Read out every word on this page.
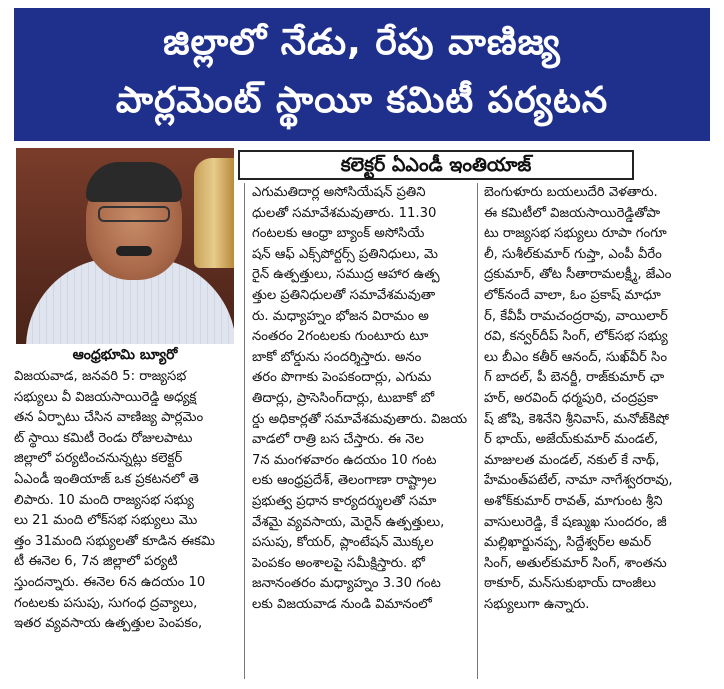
జిల్లాలో నేడు, రేపు వాణిజ్య
పార్లమెంట్ స్థాయీ కమిటీ పర్యటన
ఆంధ్రభూమి బ్యూరో
కలెక్టర్ ఏఎండీ ఇంతియాజ్
విజయవాడ, జనవరి 5: రాజ్యసభ
సభ్యులు వీ విజయసాయిరెడ్డి అధ్యక్ష
తన ఏర్పాటు చేసిన వాణిజ్య పార్లమెం
ట్ స్థాయి కమిటీ రెండు రోజులపాటు
జిల్లాలో పర్యటించనున్నట్లు కలెక్టర్
ఏఎండీ ఇంతియాజ్ ఒక ప్రకటనలో తె
లిపారు. 10 మంది రాజ్యసభ సభ్యు
లు 21 మంది లోక్‌సభ సభ్యులు మొ
త్తం 31మంది సభ్యులతో కూడిన ఈకమి
టీ ఈనెల 6, 7న జిల్లాలో పర్యటి
స్తుందన్నారు. ఈనెల 6న ఉదయం 10
గంటలకు పసుపు, సుగంధ ద్రవ్యాలు,
ఇతర వ్యవసాయ ఉత్పత్తుల పెంపకం,
ఎగుమతిదార్ల అసోసియేషన్ ప్రతిని
ధులతో సమావేశమవుతారు. 11.30
గంటలకు ఆంధ్రా బ్యాంక్ అసోసియే
షన్ ఆఫ్ ఎక్స్‌పోర్టర్స్ ప్రతినిధులు, మె
రైన్ ఉత్పత్తులు, సముద్ర ఆహార ఉత్ప
త్తుల ప్రతినిధులతో సమావేశమవుతా
రు. మధ్యాహ్నం భోజన విరామం అ
నంతరం 2గంటలకు గుంటూరు టూ
బాకో బోర్డును సందర్శిస్తారు. అనం
తరం పొగాకు పెంపకందార్లు, ఎగుమ
తిదార్లు, ప్రాసెసింగ్‌దార్లు, టుబాకో బో
ర్డు అధికార్లతో సమావేశమవుతారు. విజయ
వాడలో రాత్రి బస చేస్తారు. ఈ నెల
7న మంగళవారం ఉదయం 10 గంట
లకు ఆంధ్రప్రదేశ్, తెలంగాణా రాష్ట్రాల
ప్రభుత్వ ప్రధాన కార్యదర్శులతో సమా
వేశమై వ్యవసాయ, మెరైన్ ఉత్పత్తులు,
పసుపు, కోయర్, ప్లాంటేషన్ మొక్కల
పెంపకం అంశాలపై సమీక్షిస్తారు. భో
జనానంతరం మధ్యాహ్నం 3.30 గంట
లకు విజయవాడ నుండి విమానంలో
బెంగుళూరు బయలుదేరి వెళతారు.
ఈ కమిటీలో విజయసాయిరెడ్డితోపా
టు రాజ్యసభ సభ్యులు రూపా గంగూ
లీ, సుశీల్‌కుమార్ గుప్తా, ఎంపీ వీరేం
ద్రకుమార్, తోట సీతారామలక్ష్మీ, జేఎం
లోక్‌నందే వాలా, ఓం ప్రకాష్ మాధూ
ర్, కేవీపీ రామచంద్రరావు, వాయిలార్
రవి, కన్వర్‌దీప్ సింగ్, లోక్‌సభ సభ్యు
లు బీఎం కతీర్ ఆనంద్, సుఖ్‌వీర్ సిం
గ్ బాదల్, పీ బెనర్జీ, రాజ్‌కుమార్ ఛా
హర్, అరవింద్ ధర్మపురి, చంద్రప్రకా
ష్ జోషి, కెశినేని శ్రీనివాస్, మనోజ్‌కిషో
ర్ భాయ్, అజేయ్‌కుమార్ మండల్,
మాజులత మండల్, నకుల్ కే నాథ్,
హేమంత్‌పటేల్, నామా నాగేశ్వరరావు,
అశోక్‌కుమార్ రావత్, మాగుంట శ్రీని
వాసులురెడ్డి, కే షణ్ముఖ సుందరం, జీ
మల్లిఖార్జునప్ప, సిద్దేశ్వర్‌ల అమర్
సింగ్, అతుల్‌కుమార్ సింగ్, శాంతను
ఠాకూర్, మన్‌సుకుభాయ్ దాంజీలు
సభ్యులుగా ఉన్నారు.
